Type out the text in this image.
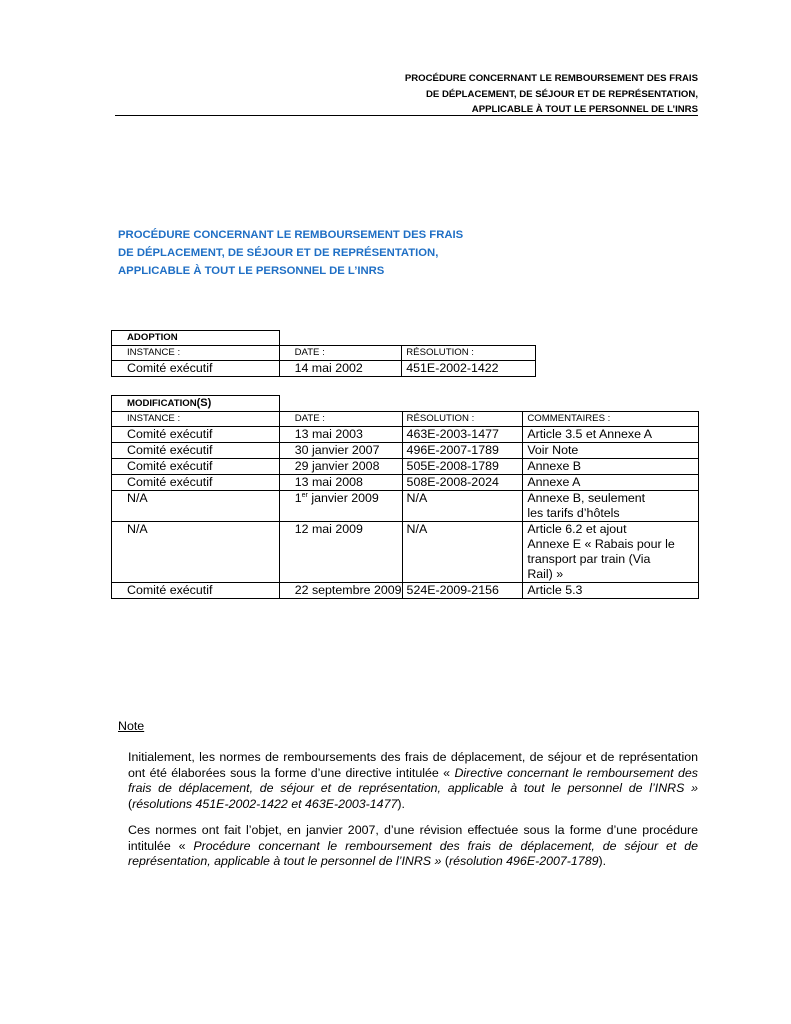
PROCÉDURE CONCERNANT LE REMBOURSEMENT DES FRAIS
DE DÉPLACEMENT, DE SÉJOUR ET DE REPRÉSENTATION,
APPLICABLE À TOUT LE PERSONNEL DE L’INRS
PROCÉDURE CONCERNANT LE REMBOURSEMENT DES FRAIS
DE DÉPLACEMENT, DE SÉJOUR ET DE REPRÉSENTATION,
APPLICABLE À TOUT LE PERSONNEL DE L’INRS
ADOPTION		
INSTANCE :	DATE :	RÉSOLUTION :
Comité exécutif	14 mai 2002	451E-2002-1422
MODIFICATION(S)			
INSTANCE :	DATE :	RÉSOLUTION :	COMMENTAIRES :
Comité exécutif	13 mai 2003	463E-2003-1477	Article 3.5 et Annexe A
Comité exécutif	30 janvier 2007	496E-2007-1789	Voir Note
Comité exécutif	29 janvier 2008	505E-2008-1789	Annexe B
Comité exécutif	13 mai 2008	508E-2008-2024	Annexe A
N/A	1er janvier 2009	N/A	Annexe B, seulement
les tarifs d’hôtels

N/A	12 mai 2009	N/A	Article 6.2 et ajout
Annexe E « Rabais pour le
transport par train (Via
Rail) »

Comité exécutif	22 septembre 2009	524E-2009-2156	Article 5.3
Note
Initialement, les normes de remboursements des frais de déplacement, de séjour et de représentation ont été élaborées sous la forme d’une directive intitulée « Directive concernant le remboursement des frais de déplacement, de séjour et de représentation, applicable à tout le personnel de l’INRS » (résolutions 451E-2002-1422 et 463E-2003-1477).
Ces normes ont fait l’objet, en janvier 2007, d’une révision effectuée sous la forme d’une procédure intitulée « Procédure concernant le remboursement des frais de déplacement, de séjour et de représentation, applicable à tout le personnel de l’INRS » (résolution 496E-2007-1789).
